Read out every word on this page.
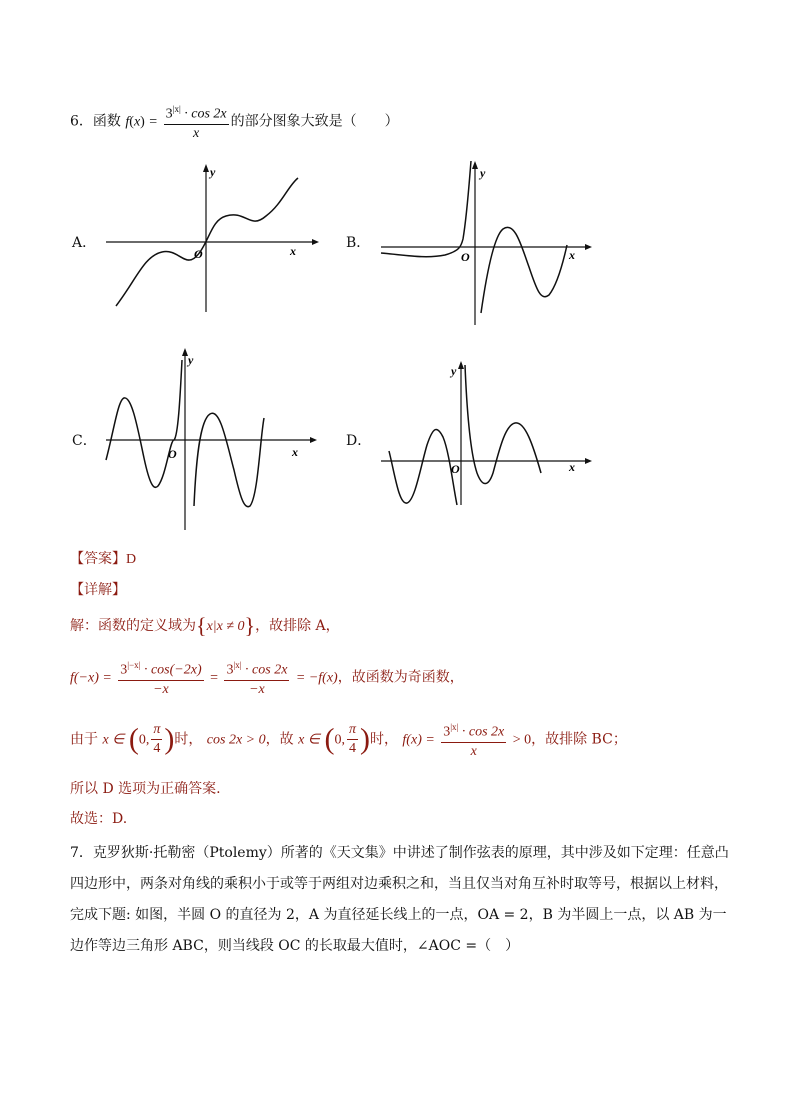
6．函数 $f(x) = \frac{3^{|x|} \cdot \cos 2x}{x}$ 的部分图象大致是（　　）
A．	B．
C．	D．
y
x
O
y
x
O
y
x
O
y
x
O
【答案】D
【详解】
解：函数的定义域为{x|x ≠ 0}，故排除 A，
$f(-x) = \frac{3^{|-x|} \cdot \cos(-2x)}{-x} = \frac{3^{|x|} \cdot \cos 2x}{-x} = -f(x)$，故函数为奇函数，
由于 x ∈ (0, $\frac{\pi}{4}$ )时， cos 2x > 0，故 x ∈ (0, $\frac{\pi}{4}$ )时， $f(x) = \frac{3^{|x|} \cdot \cos 2x}{x} > 0$，故排除 BC；
所以 D 选项为正确答案.
故选：D.
7．克罗狄斯·托勒密（Ptolemy）所著的《天文集》中讲述了制作弦表的原理，其中涉及如下定理：任意凸
四边形中，两条对角线的乘积小于或等于两组对边乘积之和，当且仅当对角互补时取等号，根据以上材料，
完成下题: 如图，半圆 O 的直径为 2，A 为直径延长线上的一点，OA = 2，B 为半圆上一点，以 AB 为一
边作等边三角形 ABC，则当线段 OC 的长取最大值时，∠AOC =（　）
